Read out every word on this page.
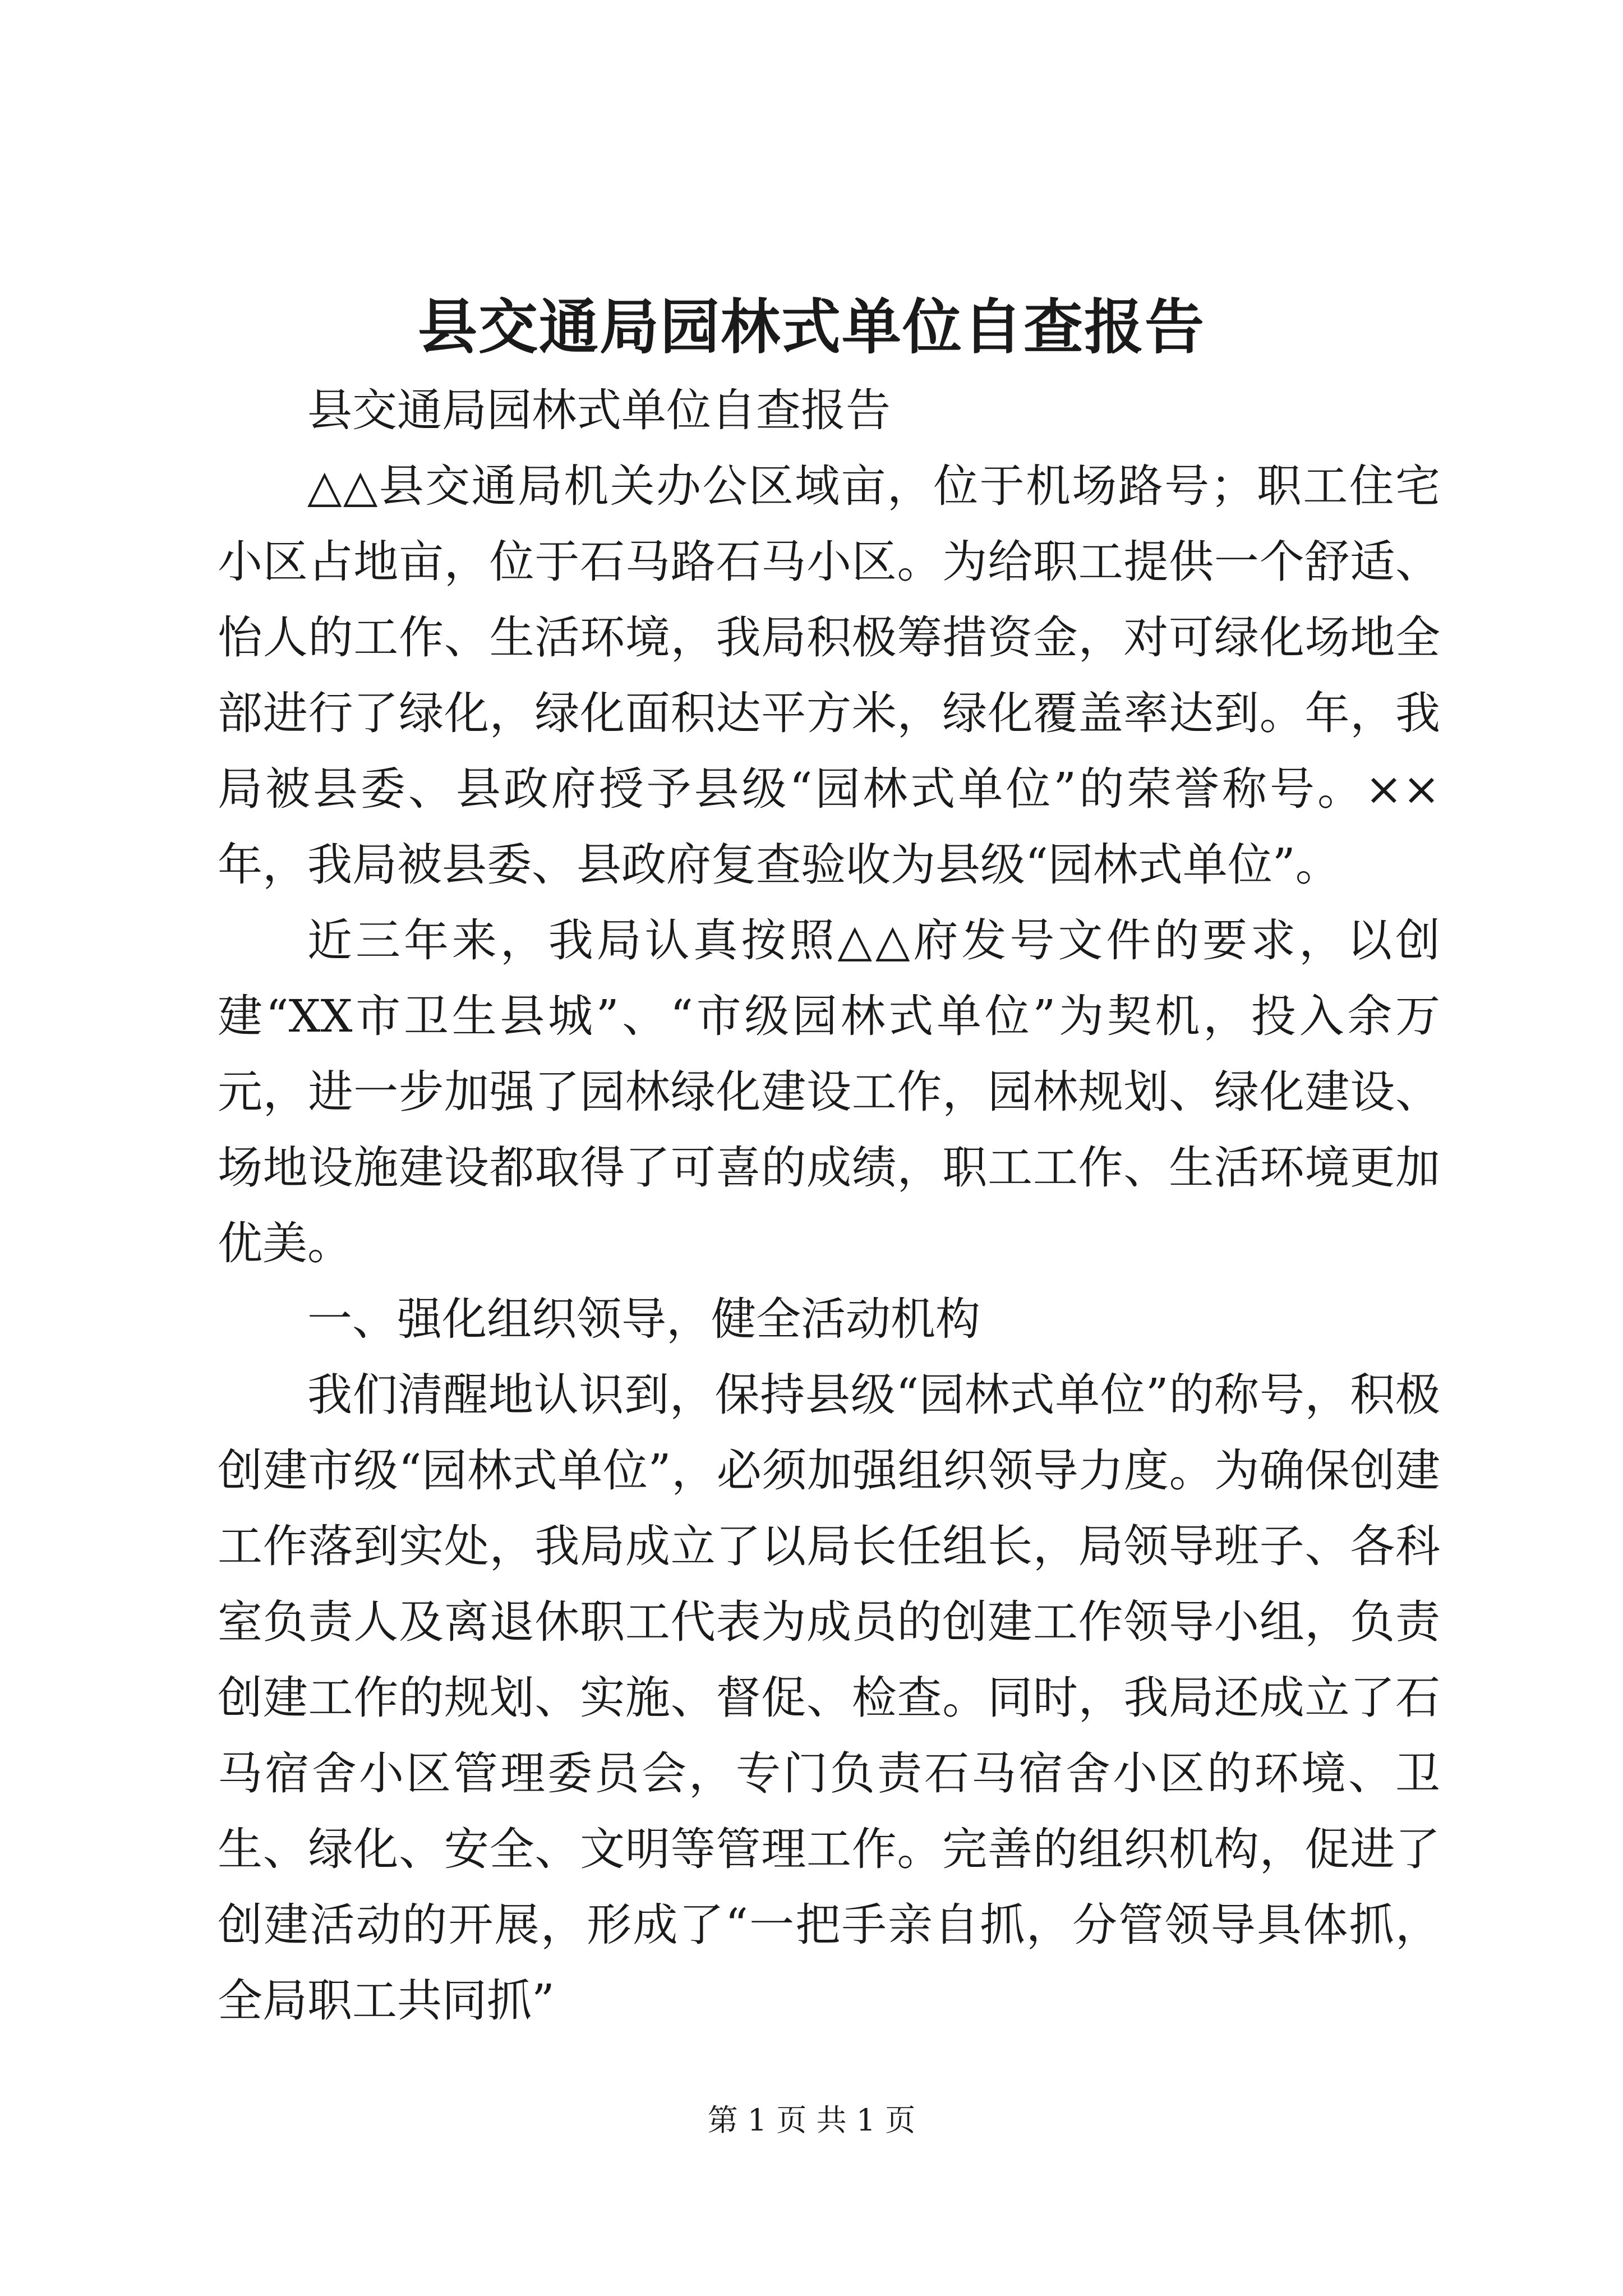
县交通局园林式单位自查报告

县交通局园林式单位自查报告

△△县交通局机关办公区域亩，位于机场路号；职工住宅小区占地亩，位于石马路石马小区。为给职工提供一个舒适、怡人的工作、生活环境，我局积极筹措资金，对可绿化场地全部进行了绿化，绿化面积达平方米，绿化覆盖率达到。年，我局被县委、县政府授予县级“园林式单位”的荣誉称号。××年，我局被县委、县政府复查验收为县级“园林式单位”。

近三年来，我局认真按照△△府发号文件的要求，以创建“XX市卫生县城”、“市级园林式单位”为契机，投入余万元，进一步加强了园林绿化建设工作，园林规划、绿化建设、场地设施建设都取得了可喜的成绩，职工工作、生活环境更加优美。

一、强化组织领导，健全活动机构

我们清醒地认识到，保持县级“园林式单位”的称号，积极创建市级“园林式单位”，必须加强组织领导力度。为确保创建工作落到实处，我局成立了以局长任组长，局领导班子、各科室负责人及离退休职工代表为成员的创建工作领导小组，负责创建工作的规划、实施、督促、检查。同时，我局还成立了石马宿舍小区管理委员会，专门负责石马宿舍小区的环境、卫生、绿化、安全、文明等管理工作。完善的组织机构，促进了创建活动的开展，形成了“一把手亲自抓，分管领导具体抓，全局职工共同抓”

第 1 页 共 1 页
